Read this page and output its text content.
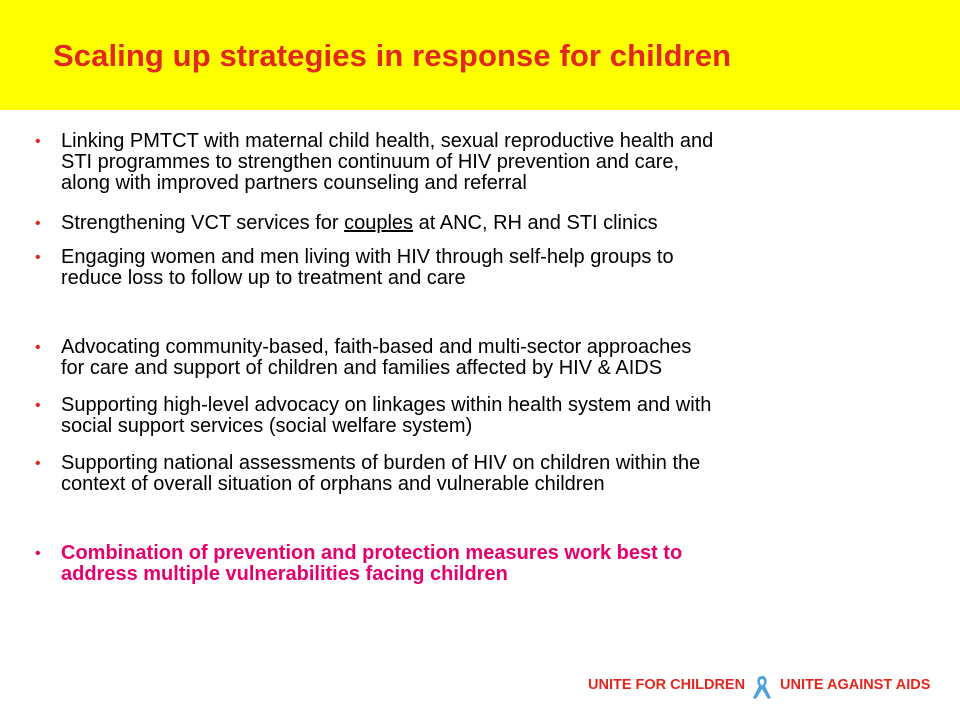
Scaling up strategies in response for children
• Linking PMTCT with maternal child health, sexual reproductive health and
STI programmes to strengthen continuum of HIV prevention and care,
along with improved partners counseling and referral
• Strengthening VCT services for couples at ANC, RH and STI clinics
• Engaging women and men living with HIV through self-help groups to
reduce loss to follow up to treatment and care
• Advocating community-based, faith-based and multi-sector approaches
for care and support of children and families affected by HIV & AIDS
• Supporting high-level advocacy on linkages within health system and with
social support services (social welfare system)
• Supporting national assessments of burden of HIV on children within the
context of overall situation of orphans and vulnerable children
• Combination of prevention and protection measures work best to
address multiple vulnerabilities facing children
UNITE FOR CHILDREN UNITE AGAINST AIDS
